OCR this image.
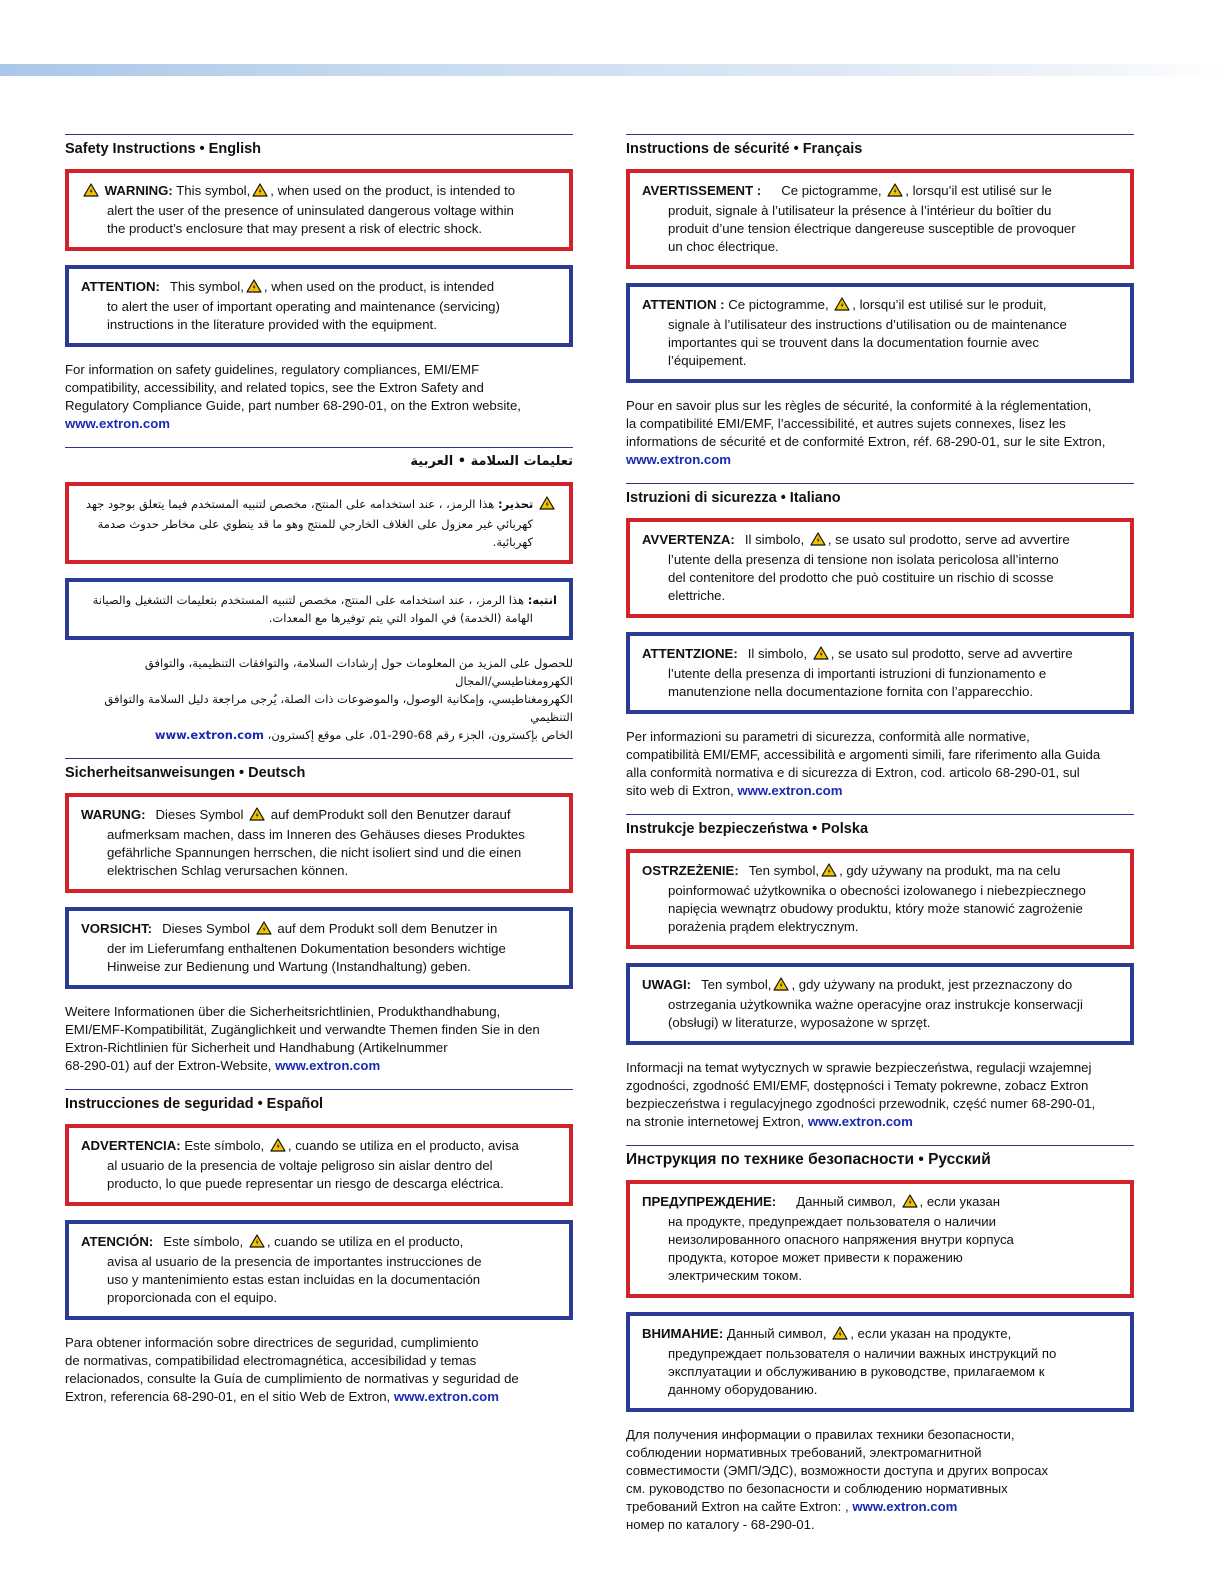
Safety Instructions • English
WARNING: This symbol, , when used on the product, is intended to
alert the user of the presence of uninsulated dangerous voltage within
the product’s enclosure that may present a risk of electric shock.
ATTENTION: This symbol, , when used on the product, is intended
to alert the user of important operating and maintenance (servicing)
instructions in the literature provided with the equipment.
For information on safety guidelines, regulatory compliances, EMI/EMF
compatibility, accessibility, and related topics, see the Extron Safety and
Regulatory Compliance Guide, part number 68-290-01, on the Extron website,
www.extron.com
تعليمات السلامة • العربية
تحذير: هذا الرمز، ، عند استخدامه على المنتج، مخصص لتنبيه المستخدم فيما يتعلق بوجود جهد
كهربائي غير معزول على الغلاف الخارجي للمنتج وهو ما قد ينطوي على مخاطر حدوث صدمة
كهربائية.
انتبه: هذا الرمز، ، عند استخدامه على المنتج، مخصص لتنبيه المستخدم بتعليمات التشغيل والصيانة
الهامة (الخدمة) في المواد التي يتم توفيرها مع المعدات.
للحصول على المزيد من المعلومات حول إرشادات السلامة، والتوافقات التنظيمية، والتوافق الكهرومغناطيسي/المجال
الكهرومغناطيسي، وإمكانية الوصول، والموضوعات ذات الصلة، يُرجى مراجعة دليل السلامة والتوافق التنظيمي
الخاص بإكسترون، الجزء رقم 68-290-01، على موقع إكسترون، www.extron.com
Sicherheitsanweisungen • Deutsch
WARUNG: Dieses Symbol auf demProdukt soll den Benutzer darauf
aufmerksam machen, dass im Inneren des Gehäuses dieses Produktes
gefährliche Spannungen herrschen, die nicht isoliert sind und die einen
elektrischen Schlag verursachen können.
VORSICHT: Dieses Symbol auf dem Produkt soll dem Benutzer in
der im Lieferumfang enthaltenen Dokumentation besonders wichtige
Hinweise zur Bedienung und Wartung (Instandhaltung) geben.
Weitere Informationen über die Sicherheitsrichtlinien, Produkthandhabung,
EMI/EMF-Kompatibilität, Zugänglichkeit und verwandte Themen finden Sie in den
Extron-Richtlinien für Sicherheit und Handhabung (Artikelnummer
68-290-01) auf der Extron-Website, www.extron.com
Instrucciones de seguridad • Español
ADVERTENCIA: Este símbolo, , cuando se utiliza en el producto, avisa
al usuario de la presencia de voltaje peligroso sin aislar dentro del
producto, lo que puede representar un riesgo de descarga eléctrica.
ATENCIÓN: Este símbolo, , cuando se utiliza en el producto,
avisa al usuario de la presencia de importantes instrucciones de
uso y mantenimiento estas estan incluidas en la documentación
proporcionada con el equipo.
Para obtener información sobre directrices de seguridad, cumplimiento
de normativas, compatibilidad electromagnética, accesibilidad y temas
relacionados, consulte la Guía de cumplimiento de normativas y seguridad de
Extron, referencia 68-290-01, en el sitio Web de Extron, www.extron.com
Instructions de sécurité • Français
AVERTISSEMENT : Ce pictogramme, , lorsqu’il est utilisé sur le
produit, signale à l’utilisateur la présence à l’intérieur du boîtier du
produit d’une tension électrique dangereuse susceptible de provoquer
un choc électrique.
ATTENTION : Ce pictogramme, , lorsqu’il est utilisé sur le produit,
signale à l’utilisateur des instructions d’utilisation ou de maintenance
importantes qui se trouvent dans la documentation fournie avec
l’équipement.
Pour en savoir plus sur les règles de sécurité, la conformité à la réglementation,
la compatibilité EMI/EMF, l’accessibilité, et autres sujets connexes, lisez les
informations de sécurité et de conformité Extron, réf. 68-290-01, sur le site Extron,
www.extron.com
Istruzioni di sicurezza • Italiano
AVVERTENZA: Il simbolo, , se usato sul prodotto, serve ad avvertire
l’utente della presenza di tensione non isolata pericolosa all’interno
del contenitore del prodotto che può costituire un rischio di scosse
elettriche.
ATTENTZIONE: Il simbolo, , se usato sul prodotto, serve ad avvertire
l’utente della presenza di importanti istruzioni di funzionamento e
manutenzione nella documentazione fornita con l’apparecchio.
Per informazioni su parametri di sicurezza, conformità alle normative,
compatibilità EMI/EMF, accessibilità e argomenti simili, fare riferimento alla Guida
alla conformità normativa e di sicurezza di Extron, cod. articolo 68-290-01, sul
sito web di Extron, www.extron.com
Instrukcje bezpieczeństwa • Polska
OSTRZEŻENIE: Ten symbol, , gdy używany na produkt, ma na celu
poinformować użytkownika o obecności izolowanego i niebezpiecznego
napięcia wewnątrz obudowy produktu, który może stanowić zagrożenie
porażenia prądem elektrycznym.
UWAGI: Ten symbol, , gdy używany na produkt, jest przeznaczony do
ostrzegania użytkownika ważne operacyjne oraz instrukcje konserwacji
(obsługi) w literaturze, wyposażone w sprzęt.
Informacji na temat wytycznych w sprawie bezpieczeństwa, regulacji wzajemnej
zgodności, zgodność EMI/EMF, dostępności i Tematy pokrewne, zobacz Extron
bezpieczeństwa i regulacyjnego zgodności przewodnik, część numer 68-290-01,
na stronie internetowej Extron, www.extron.com
Инструкция по технике безопасности • Русский
ПРЕДУПРЕЖДЕНИЕ: Данный символ, , если указан
на продукте, предупреждает пользователя о наличии
неизолированного опасного напряжения внутри корпуса
продукта, которое может привести к поражению
электрическим током.
ВНИМАНИЕ: Данный символ, , если указан на продукте,
предупреждает пользователя о наличии важных инструкций по
эксплуатации и обслуживанию в руководстве, прилагаемом к
данному оборудованию.
Для получения информации о правилах техники безопасности,
соблюдении нормативных требований, электромагнитной
совместимости (ЭМП/ЭДС), возможности доступа и других вопросах
см. руководство по безопасности и соблюдению нормативных
требований Extron на сайте Extron: , www.extron.com
номер по каталогу - 68-290-01.
